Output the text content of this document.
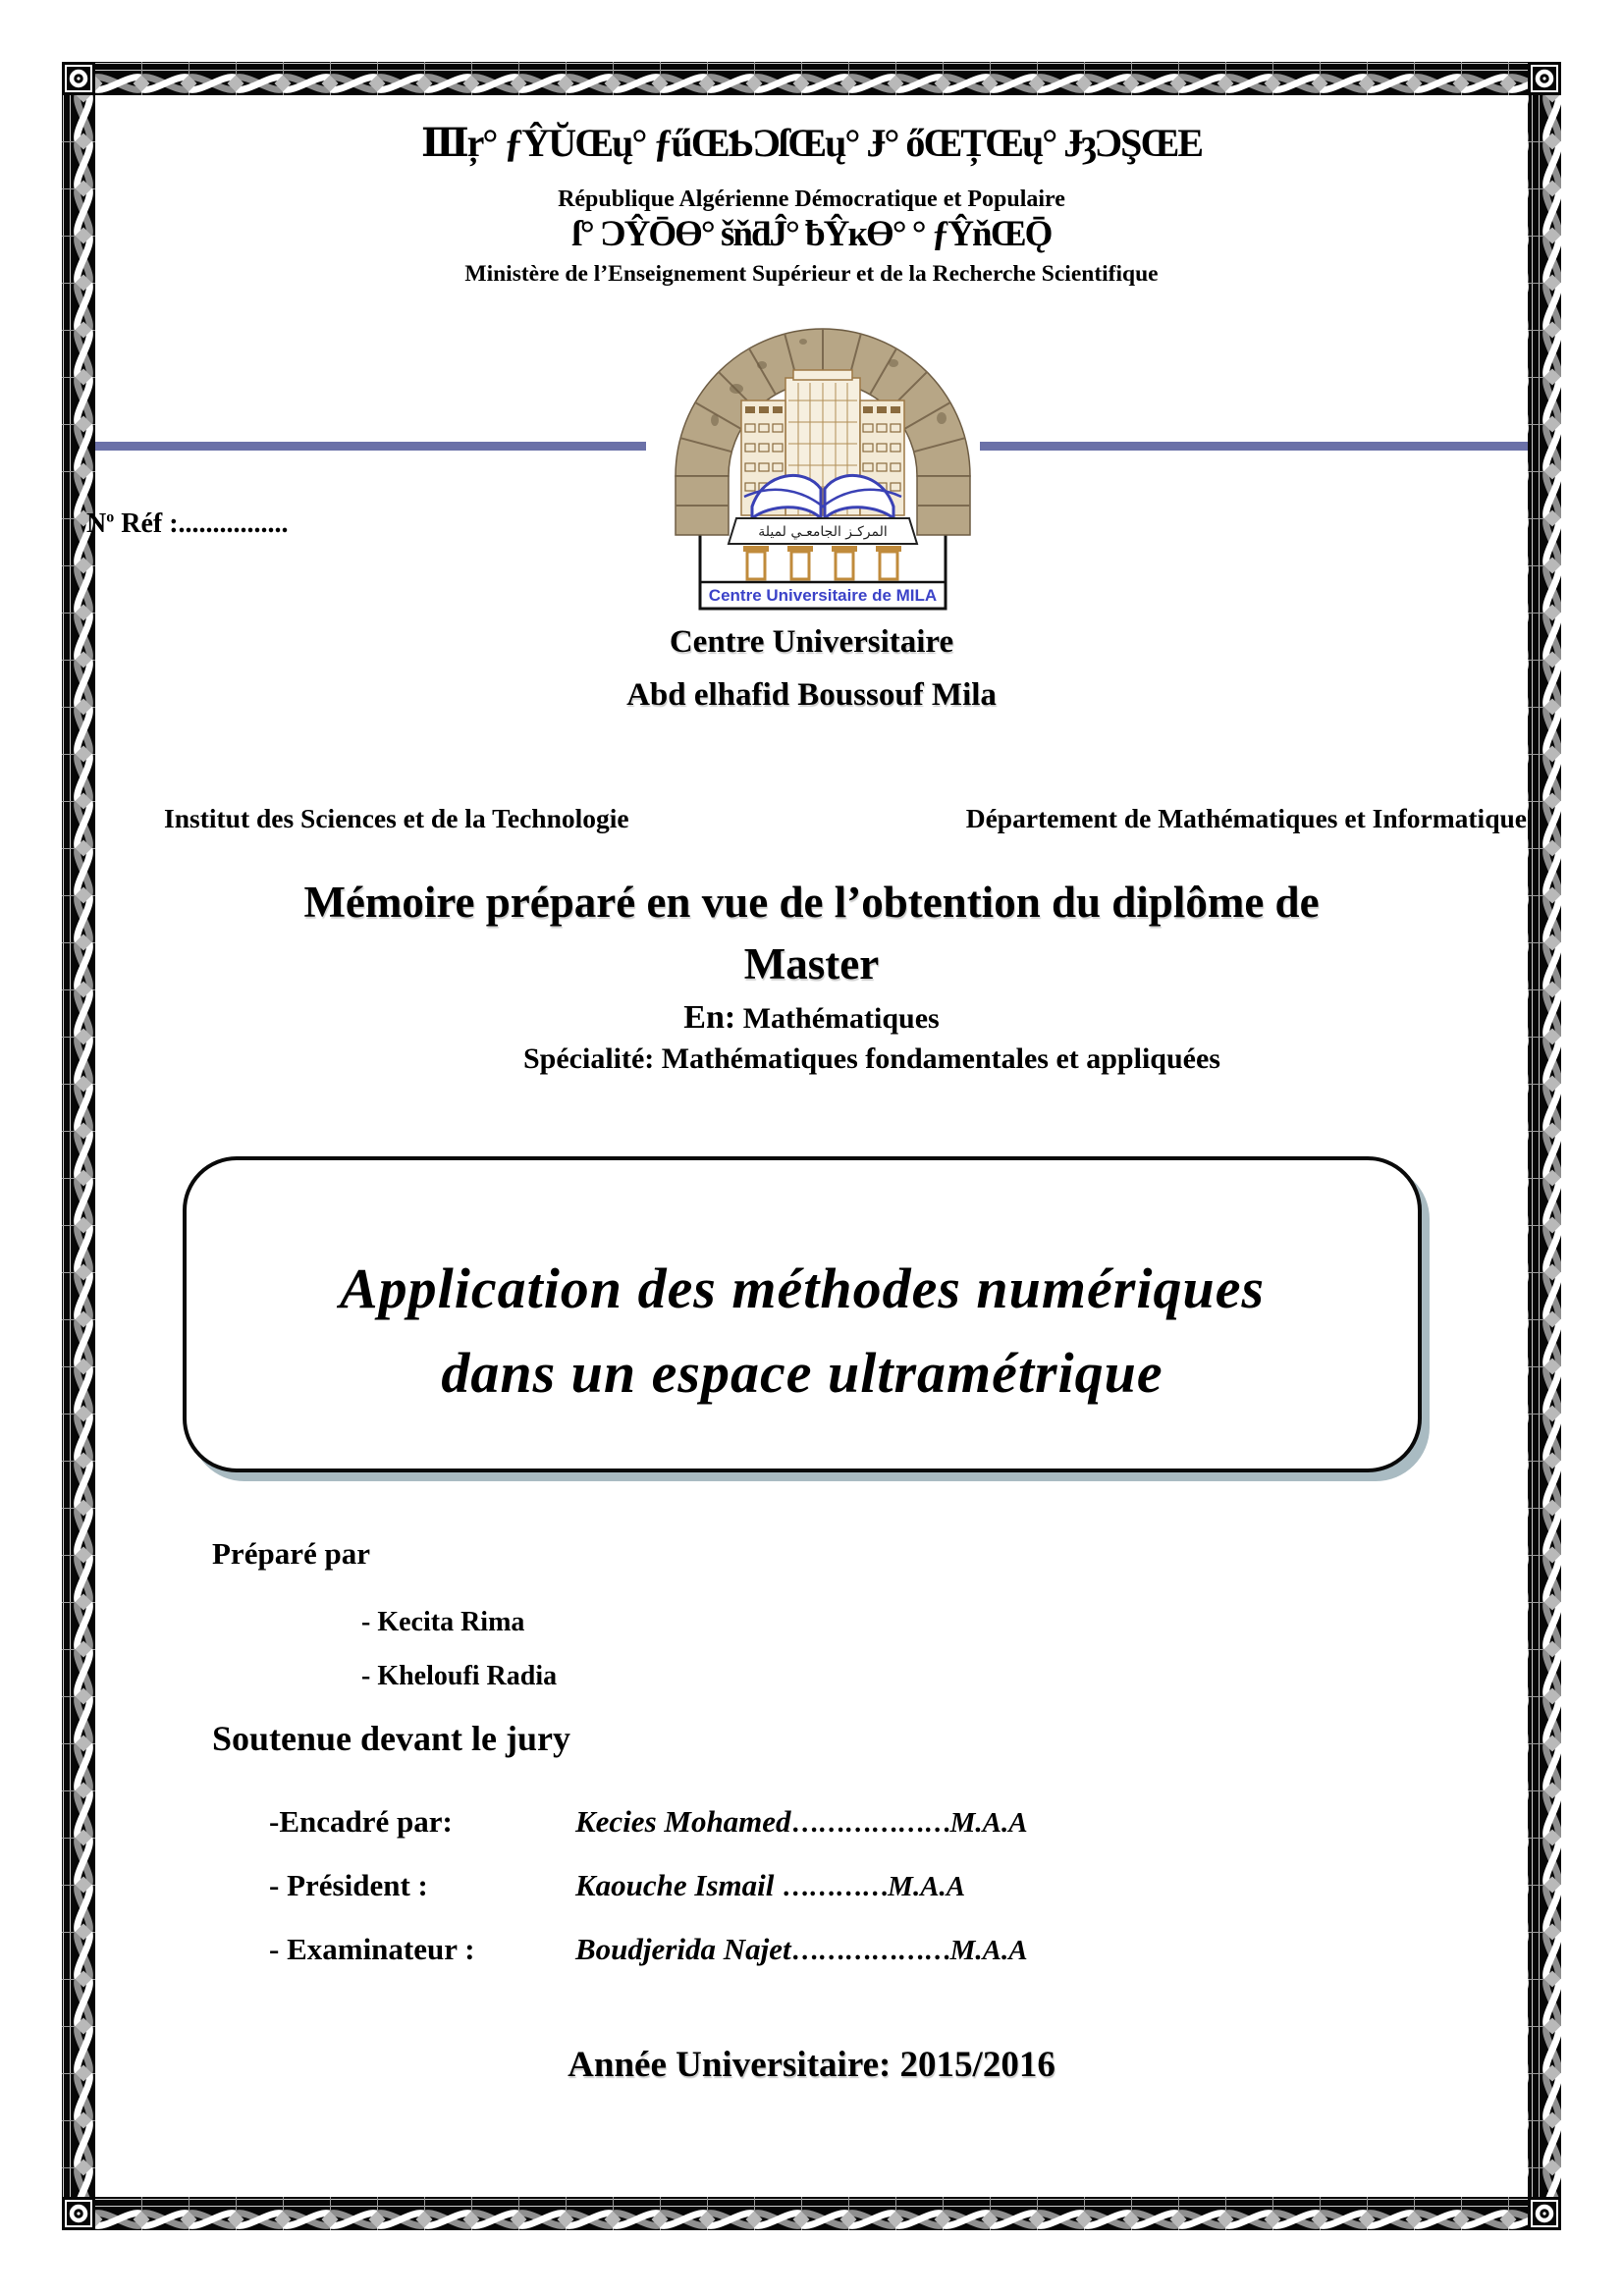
Ⅲŗ° ƒŶŬŒų° ƒűŒƄƆſŒų° Ɉ° őŒȚŒų° ɈȝƆŞŒE
République Algérienne Démocratique et Populaire
ſ° ƆŶŌƟ° šňƌĴ° ƀŶĸƟ° ° ƒŶňŒǬ
Ministère de l’Enseignement Supérieur et de la Recherche Scientifique
$N^o$ Réf :................	المركـز الجامعـي لميلة
Centre Universitaire de MILA
Centre Universitaire
Abd elhafid Boussouf Mila
Institut des Sciences et de la Technologie	Département de Mathématiques et Informatique
Mémoire préparé en vue de l’obtention du diplôme de
Master
En: Mathématiques
Spécialité: Mathématiques fondamentales et appliquées
Application des méthodes numériques
dans un espace ultramétrique
Préparé par
- Kecita Rima
- Kheloufi Radia
Soutenue devant le jury
-Encadré par:	Kecies Mohamed………………M.A.A
- Président :	Kaouche Ismail …………M.A.A
- Examinateur :	Boudjerida Najet………………M.A.A
Année Universitaire: 2015/2016
